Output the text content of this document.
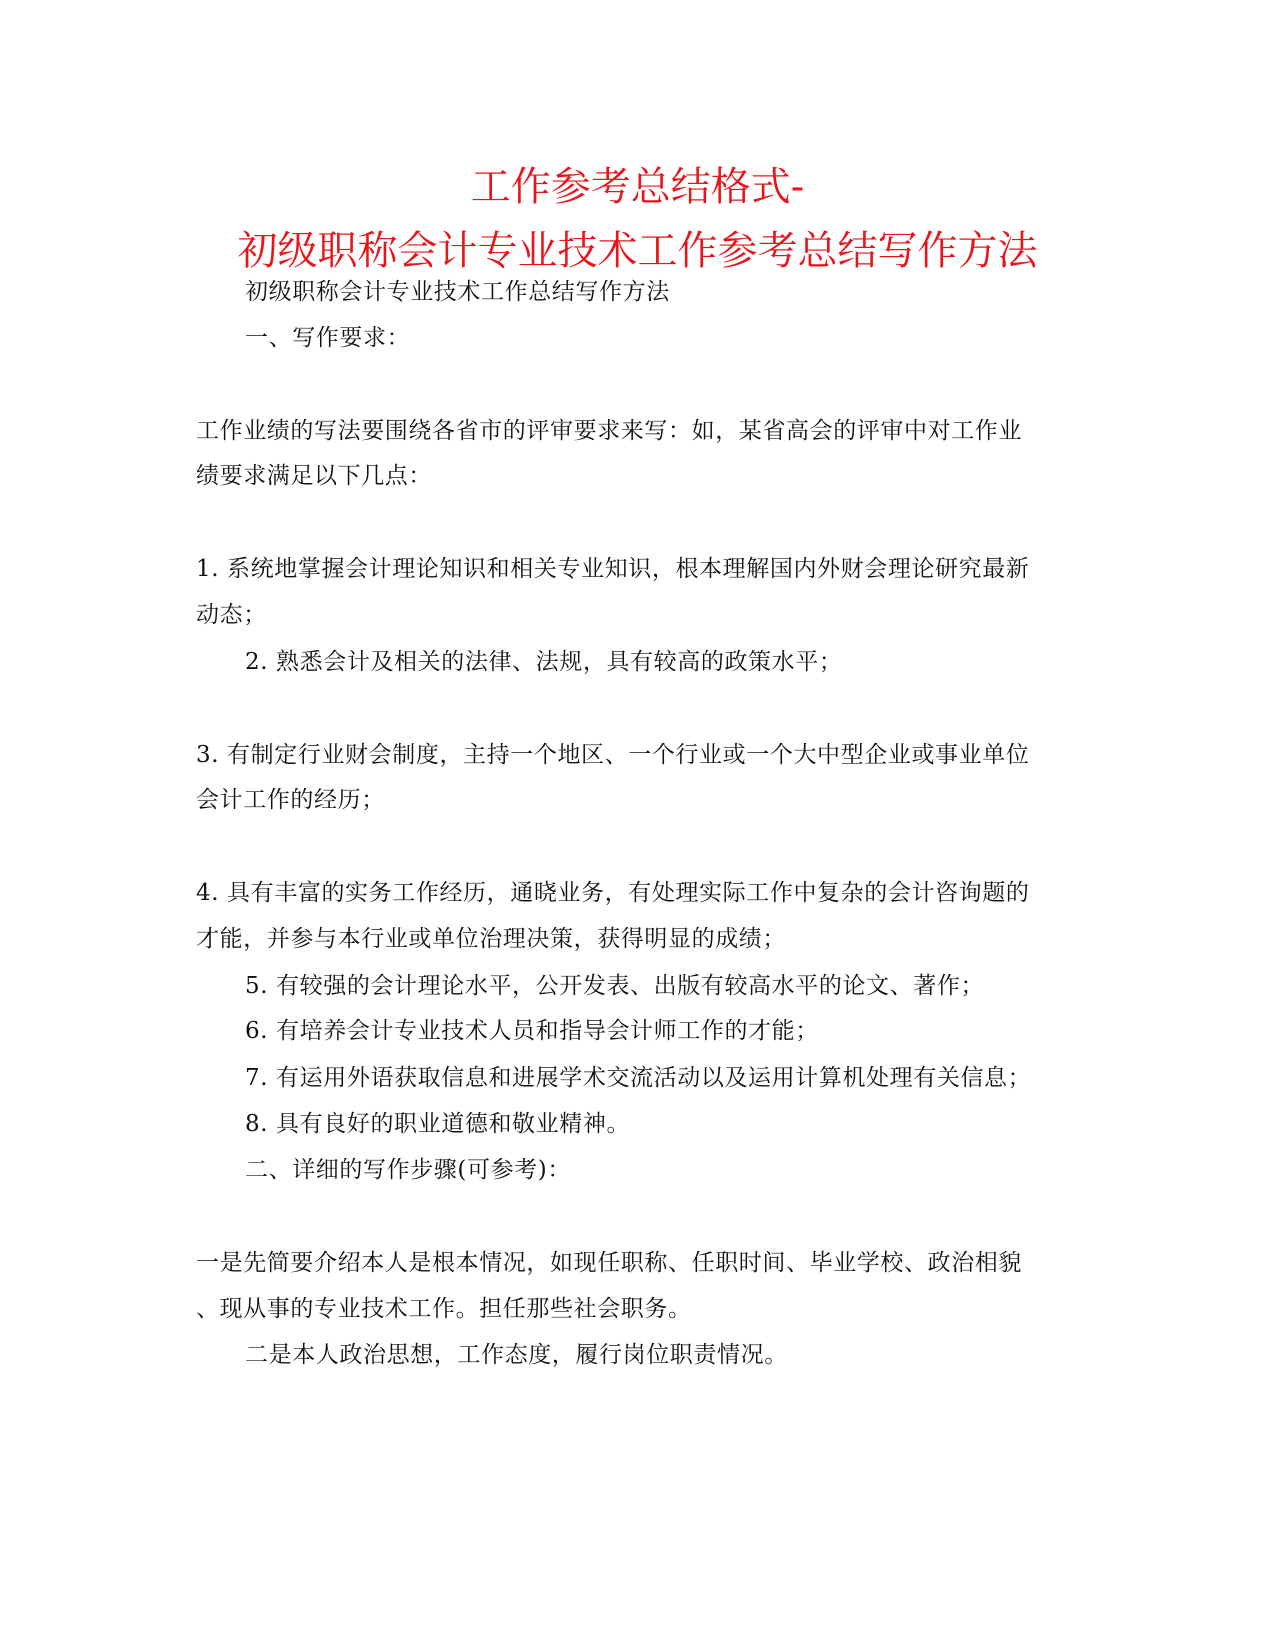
工作参考总结格式-
初级职称会计专业技术工作参考总结写作方法
初级职称会计专业技术工作总结写作方法
一、写作要求：
工作业绩的写法要围绕各省市的评审要求来写：如，某省高会的评审中对工作业
绩要求满足以下几点：
1. 系统地掌握会计理论知识和相关专业知识，根本理解国内外财会理论研究最新
动态；
2. 熟悉会计及相关的法律、法规，具有较高的政策水平；
3. 有制定行业财会制度，主持一个地区、一个行业或一个大中型企业或事业单位
会计工作的经历；
4. 具有丰富的实务工作经历，通晓业务，有处理实际工作中复杂的会计咨询题的
才能，并参与本行业或单位治理决策，获得明显的成绩；
5. 有较强的会计理论水平，公开发表、出版有较高水平的论文、著作；
6. 有培养会计专业技术人员和指导会计师工作的才能；
7. 有运用外语获取信息和进展学术交流活动以及运用计算机处理有关信息；
8. 具有良好的职业道德和敬业精神。
二、详细的写作步骤(可参考)：
一是先简要介绍本人是根本情况，如现任职称、任职时间、毕业学校、政治相貌
、现从事的专业技术工作。担任那些社会职务。
二是本人政治思想，工作态度，履行岗位职责情况。
